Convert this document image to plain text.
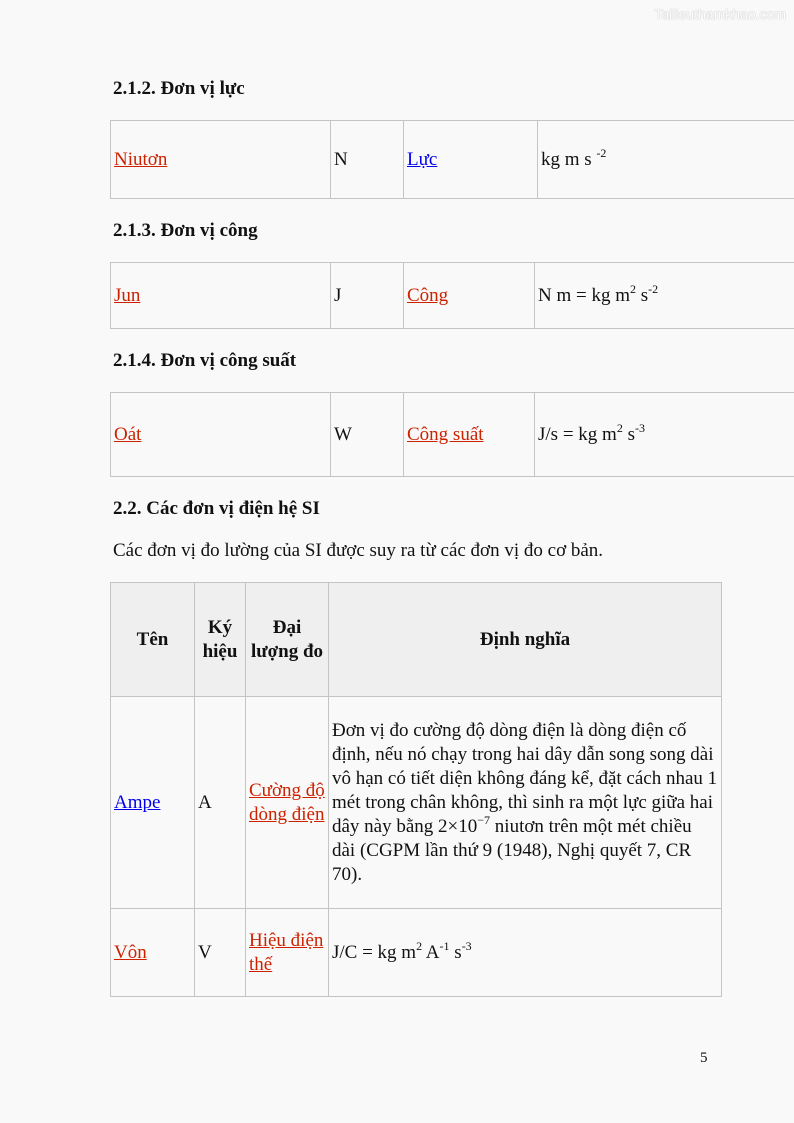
Tailieuthamkhao.com
2.1.2. Đơn vị lực
Niutơn	N	Lực	kg m s $^{-2}$
2.1.3. Đơn vị công
Jun	J	Công	N m = kg $m^2$ $s^{-2}$
2.1.4. Đơn vị công suất
Oát	W	Công suất	J/s = kg $m^2$ $s^{-3}$
2.2. Các đơn vị điện hệ SI
Các đơn vị đo lường của SI được suy ra từ các đơn vị đo cơ bản.
Tên	Ký hiệu	Đại lượng đo	Định nghĩa
Ampe	A	Cường độ dòng điện	Đơn vị đo cường độ dòng điện là dòng điện cố định, nếu nó chạy trong hai dây dẫn song song dài vô hạn có tiết diện không đáng kể, đặt cách nhau 1 mét trong chân không, thì sinh ra một lực giữa hai dây này bằng $2\times 10^{-7}$ niutơn trên một mét chiều dài (CGPM lần thứ 9 (1948), Nghị quyết 7, CR 70).
Vôn	V	Hiệu điện thế	J/C = kg $m^2$ $A^{-1}$ $s^{-3}$
5
